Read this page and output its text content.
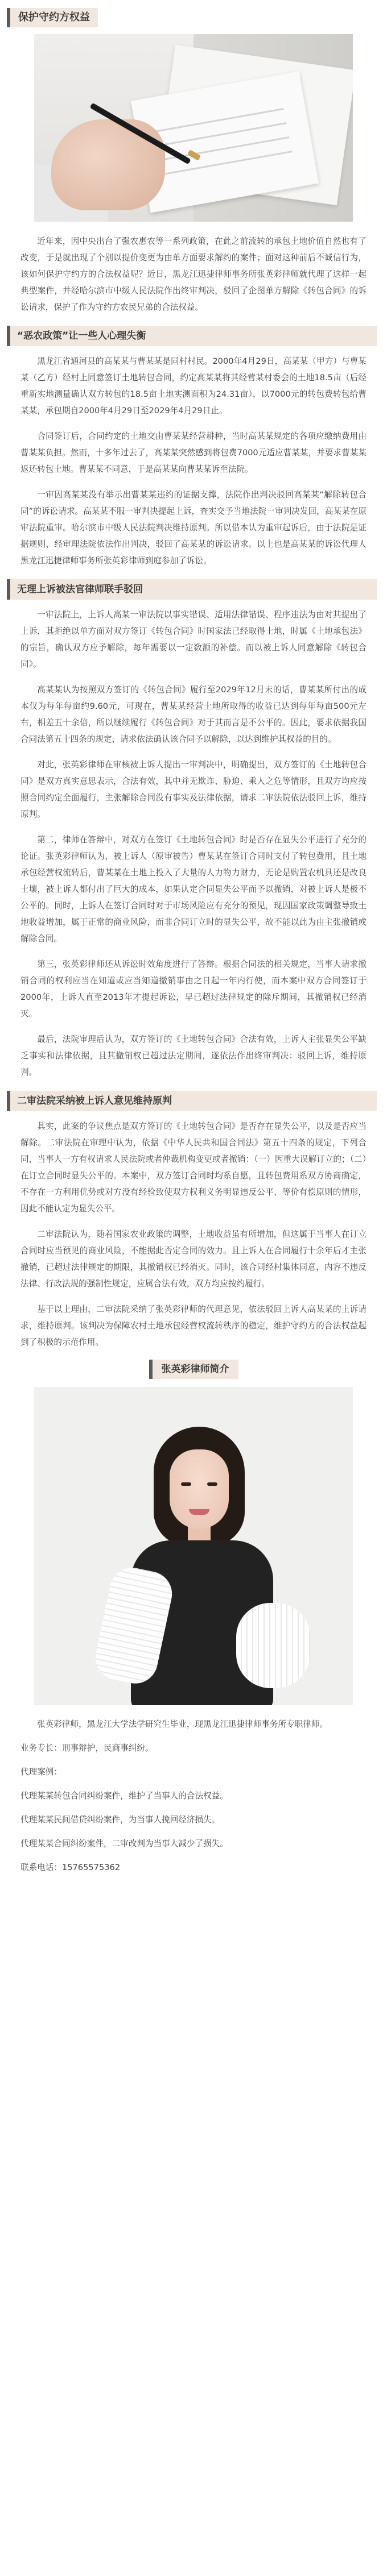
保护守约方权益

近年来，因中央出台了强农惠农等一系列政策，在此之前流转的承包土地价值自然也有了改变，于是就出现了个别以提价变更为由单方面要求解约的案件；面对这种前后不诚信行为，该如何保护守约方的合法权益呢？近日，黑龙江迅捷律师事务所张英彩律师就代理了这样一起典型案件，并经哈尔滨市中级人民法院作出终审判决，驳回了企图单方解除《转包合同》的诉讼请求，保护了作为守约方农民兄弟的合法权益。

“恶农政策”让一些人心理失衡

黑龙江省通河县的高某某与曹某某是同村村民。2000年4月29日，高某某（甲方）与曹某某（乙方）经村上同意签订土地转包合同，约定高某某将其经营某村委会的土地18.5亩（后经重新实地测量确认双方转包的18.5亩土地实测面积为24.31亩），以7000元的转包费转包给曹某某，承包期自2000年4月29日至2029年4月29日止。

合同签订后，合同约定的土地交由曹某某经营耕种，当时高某某规定的各项应缴纳费用由曹某某负担。然而，十多年过去了，高某某突然感到将包费7000元适应曹某某，并要求曹某某返还转包土地。曹某某不同意，于是高某某向曹某某诉至法院。

一审因高某某没有举示出曹某某违约的证据支撑，法院作出判决驳回高某某“解除转包合同”的诉讼请求。高某某不服一审判决提起上诉，查实交予当地法院一审判决发回，高某某在原审法院重审。哈尔滨市中级人民法院判决维持原判。所以借本认为重审起诉后，由于法院是证据规则，经审理法院依法作出判决，驳回了高某某的诉讼请求。以上也是高某某的诉讼代理人黑龙江迅捷律师事务所张英彩律师到庭参加了诉讼。

无理上诉被法官律师联手驳回

一审法院上，上诉人高某一审法院以事实错误、适用法律错误、程序违法为由对其提出了上诉，其拒绝以单方面对双方签订《转包合同》时国家法已经取得土地，时属《土地承包法》的宗旨，确认双方应予解除，每年需要以一定数额的补偿。而以被上诉人同意解除《转包合同》。

高某某认为按照双方签订的《转包合同》履行至2029年12月末的话，曹某某所付出的成本仅为每年每亩约9.60元，可现在，曹某某经营土地所取得的收益已达到每年每亩500元左右，相差五十余倍，所以继续履行《转包合同》对于其而言是不公平的。因此，要求依据我国合同法第五十四条的规定，请求依法确认该合同予以解除，以达到维护其权益的目的。

对此，张英彩律师在审核被上诉人提出一审判决中，明确提出，双方签订的《土地转包合同》是双方真实意思表示，合法有效，其中并无欺诈、胁迫、乘人之危等情形，且双方均应按照合同约定全面履行，主张解除合同没有事实及法律依据，请求二审法院依法驳回上诉，维持原判。

第二，律师在答辩中，对双方在签订《土地转包合同》时是否存在显失公平进行了充分的论证。张英彩律师认为，被上诉人（原审被告）曹某某在签订合同时支付了转包费用，且土地承包经营权流转后，曹某某在土地上投入了大量的人力物力财力，无论是购置农机具还是改良土壤，被上诉人都付出了巨大的成本，如果认定合同显失公平而予以撤销，对被上诉人是极不公平的。同时，上诉人在签订合同时对于市场风险应有充分的预见，现因国家政策调整导致土地收益增加，属于正常的商业风险，而非合同订立时的显失公平，故不能以此为由主张撤销或解除合同。

第三，张英彩律师还从诉讼时效角度进行了答辩。根据合同法的相关规定，当事人请求撤销合同的权利应当在知道或应当知道撤销事由之日起一年内行使，而本案中双方合同签订于2000年，上诉人直至2013年才提起诉讼，早已超过法律规定的除斥期间，其撤销权已经消灭。

最后，法院审理后认为，双方签订的《土地转包合同》合法有效，上诉人主张显失公平缺乏事实和法律依据，且其撤销权已超过法定期间，遂依法作出终审判决：驳回上诉，维持原判。

二审法院采纳被上诉人意见维持原判

其实，此案的争议焦点是双方签订的《土地转包合同》是否存在显失公平，以及是否应当解除。二审法院在审理中认为，依据《中华人民共和国合同法》第五十四条的规定，下列合同，当事人一方有权请求人民法院或者仲裁机构变更或者撤销：（一）因重大误解订立的；（二）在订立合同时显失公平的。本案中，双方签订合同时均系自愿，且转包费用系双方协商确定，不存在一方利用优势或对方没有经验致使双方权利义务明显违反公平、等价有偿原则的情形，因此不能认定为显失公平。

二审法院认为，随着国家农业政策的调整，土地收益虽有所增加，但这属于当事人在订立合同时应当预见的商业风险，不能据此否定合同的效力。且上诉人在合同履行十余年后才主张撤销，已超过法律规定的期限，其撤销权已经消灭。同时，该合同经村集体同意，内容不违反法律、行政法规的强制性规定，应属合法有效，双方均应按约履行。

基于以上理由，二审法院采纳了张英彩律师的代理意见，依法驳回上诉人高某某的上诉请求，维持原判。该判决为保障农村土地承包经营权流转秩序的稳定，维护守约方的合法权益起到了积极的示范作用。

张英彩律师简介

张英彩律师，黑龙江大学法学研究生毕业，现黑龙江迅捷律师事务所专职律师。

业务专长：刑事辩护，民商事纠纷。

代理案例：

代理某某转包合同纠纷案件，维护了当事人的合法权益。

代理某某民间借贷纠纷案件，为当事人挽回经济损失。

代理某某合同纠纷案件，二审改判为当事人减少了损失。

联系电话：15765575362
